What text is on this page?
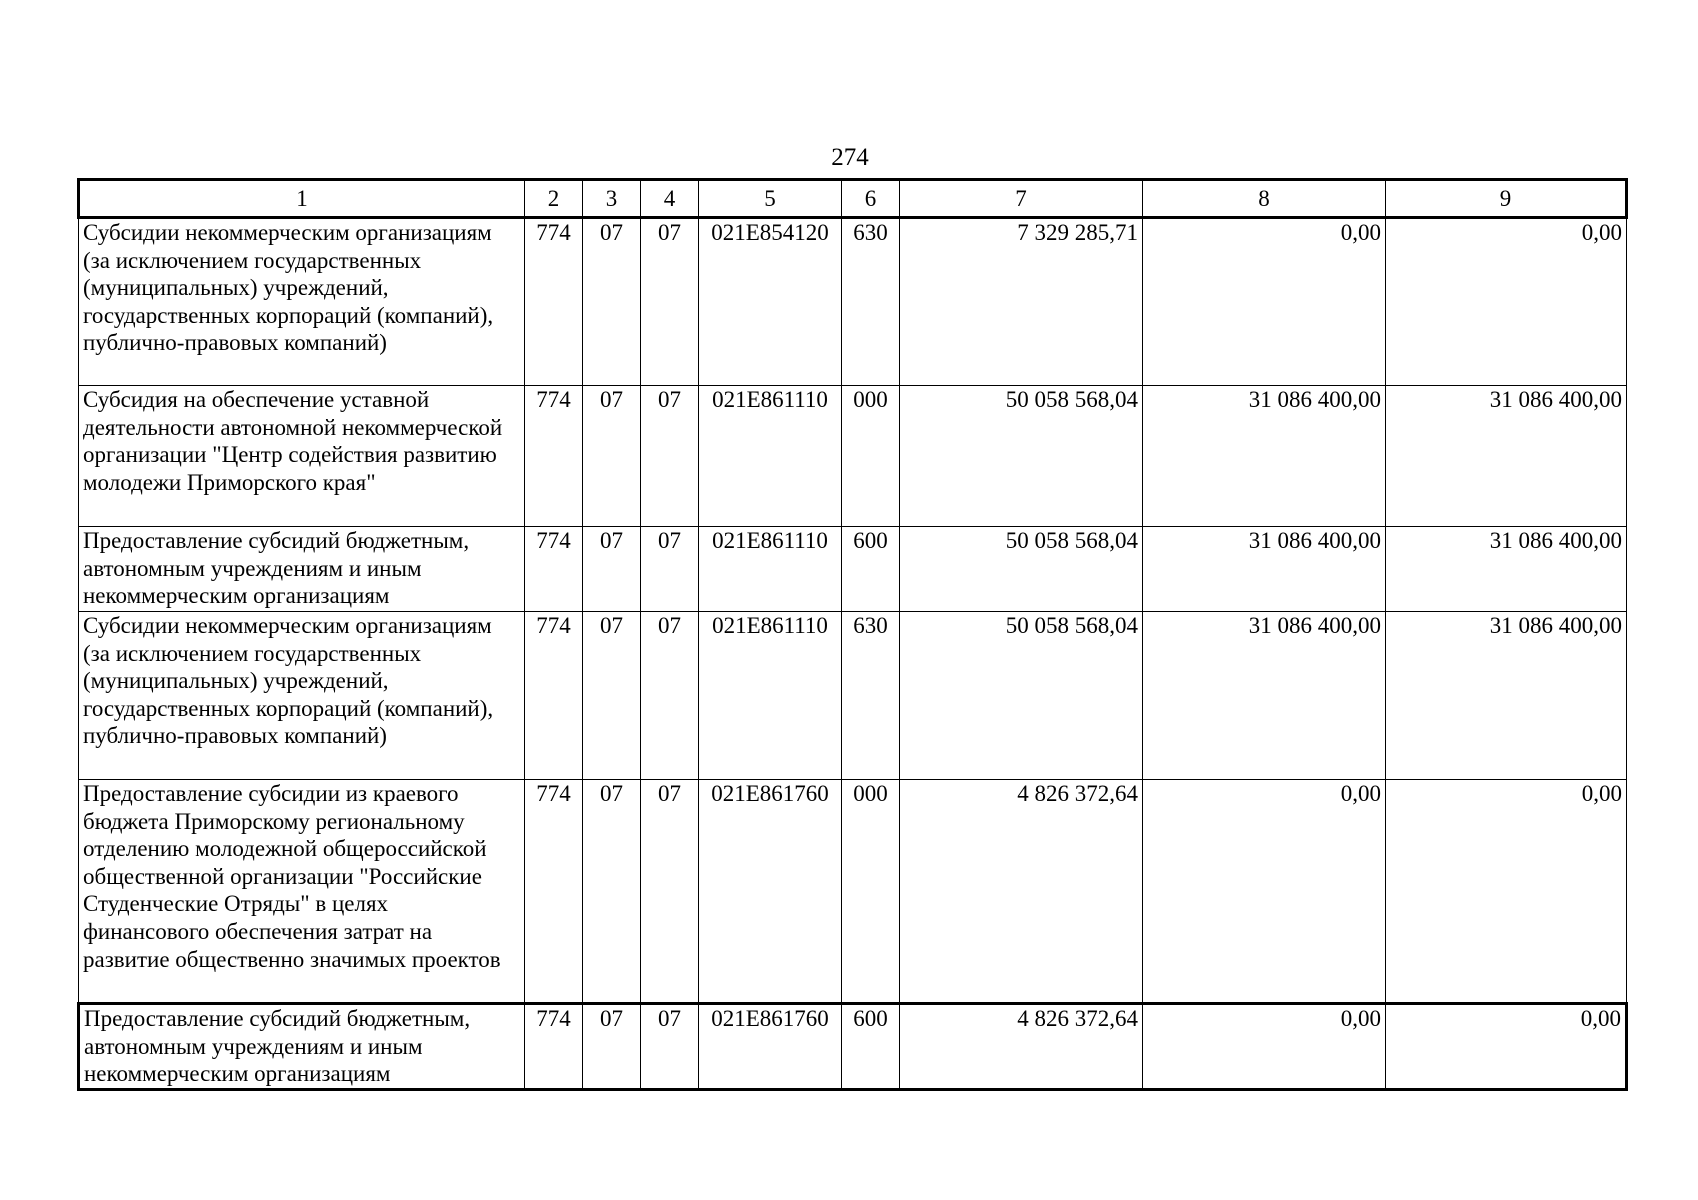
274
1	2	3	4	5	6	7	8	9
Субсидии некоммерческим организациям (за исключением государственных (муниципальных) учреждений, государственных корпораций (компаний), публично-правовых компаний)	774	07	07	021E854120	630	7 329 285,71	0,00	0,00
Субсидия на обеспечение уставной деятельности автономной некоммерческой организации "Центр содействия развитию молодежи Приморского края"	774	07	07	021E861110	000	50 058 568,04	31 086 400,00	31 086 400,00
Предоставление субсидий бюджетным, автономным учреждениям и иным некоммерческим организациям	774	07	07	021E861110	600	50 058 568,04	31 086 400,00	31 086 400,00
Субсидии некоммерческим организациям (за исключением государственных (муниципальных) учреждений, государственных корпораций (компаний), публично-правовых компаний)	774	07	07	021E861110	630	50 058 568,04	31 086 400,00	31 086 400,00
Предоставление субсидии из краевого бюджета Приморскому региональному отделению молодежной общероссийской общественной организации "Российские Студенческие Отряды" в целях финансового обеспечения затрат на развитие общественно значимых проектов	774	07	07	021E861760	000	4 826 372,64	0,00	0,00
Предоставление субсидий бюджетным, автономным учреждениям и иным некоммерческим организациям	774	07	07	021E861760	600	4 826 372,64	0,00	0,00
